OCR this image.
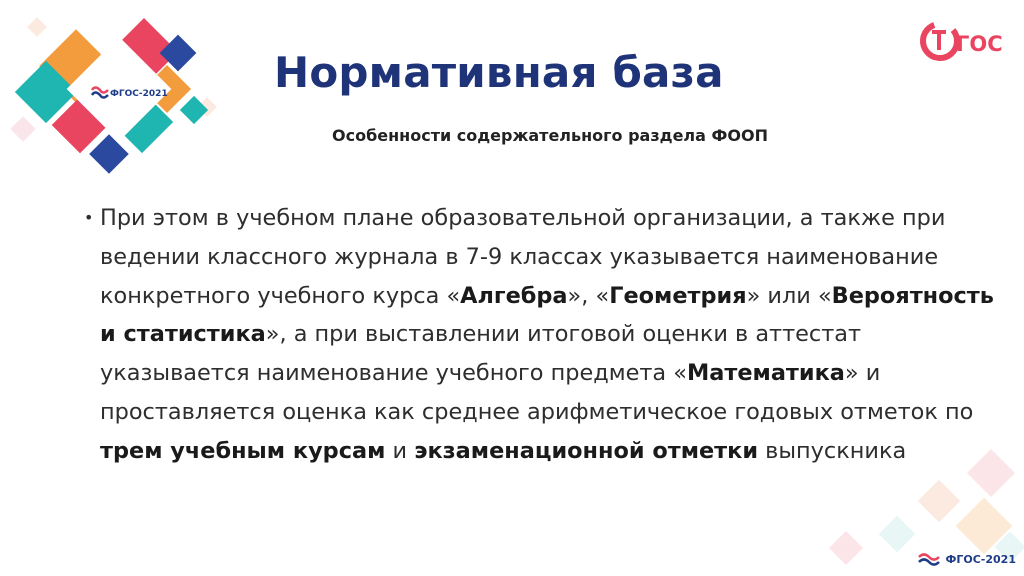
ФГОС-2021
ГОС
Нормативная база
Особенности содержательного раздела ФООП
• При этом в учебном плане образовательной организации, а также при ведении классного журнала в 7-9 классах указывается наименование конкретного учебного курса «Алгебра», «Геометрия» или «Вероятность и статистика», а при выставлении итоговой оценки в аттестат указывается наименование учебного предмета «Математика» и проставляется оценка как среднее арифметическое годовых отметок по трем учебным курсам и экзаменационной отметки выпускника
ФГОС-2021
